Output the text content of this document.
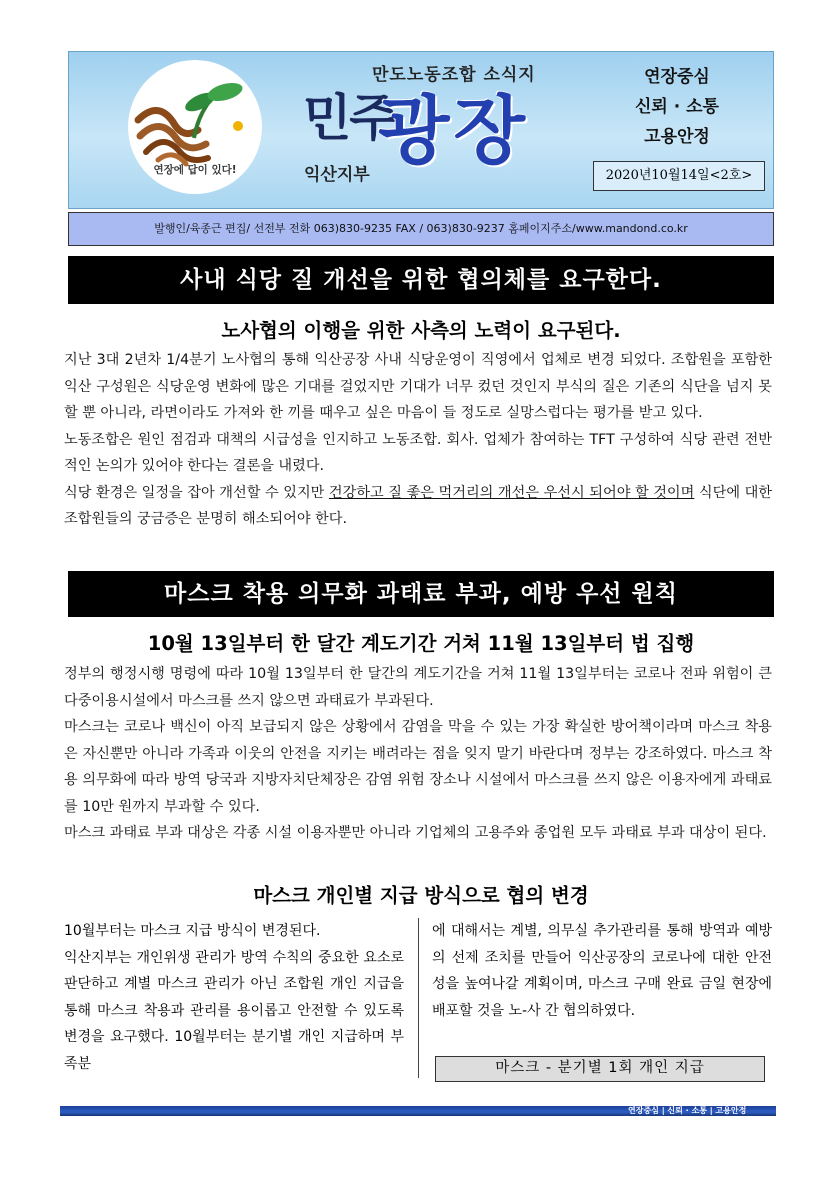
연장에 답이 있다!
만도노동조합 소식지
민주
광장
익산지부
연장중심
신뢰 · 소통
고용안정
2020년10월14일<2호>
발행인/육종근 편집/ 선전부 전화 063)830-9235 FAX / 063)830-9237 홈페이지주소/www.mandond.co.kr
사내 식당 질 개선을 위한 협의체를 요구한다.
노사협의 이행을 위한 사측의 노력이 요구된다.

지난 3대 2년차 1/4분기 노사협의 통해 익산공장 사내 식당운영이 직영에서 업체로 변경 되었다. 조합원을 포함한 익산 구성원은 식당운영 변화에 많은 기대를 걸었지만 기대가 너무 컸던 것인지 부식의 질은 기존의 식단을 넘지 못할 뿐 아니라, 라면이라도 가져와 한 끼를 때우고 싶은 마음이 들 정도로 실망스럽다는 평가를 받고 있다.

노동조합은 원인 점검과 대책의 시급성을 인지하고 노동조합. 회사. 업체가 참여하는 TFT 구성하여 식당 관련 전반적인 논의가 있어야 한다는 결론을 내렸다.

식당 환경은 일정을 잡아 개선할 수 있지만 건강하고 질 좋은 먹거리의 개선은 우선시 되어야 할 것이며 식단에 대한 조합원들의 궁금증은 분명히 해소되어야 한다.

마스크 착용 의무화 과태료 부과, 예방 우선 원칙
10월 13일부터 한 달간 계도기간 거쳐 11월 13일부터 법 집행

정부의 행정시행 명령에 따라 10월 13일부터 한 달간의 계도기간을 거쳐 11월 13일부터는 코로나 전파 위험이 큰 다중이용시설에서 마스크를 쓰지 않으면 과태료가 부과된다.

마스크는 코로나 백신이 아직 보급되지 않은 상황에서 감염을 막을 수 있는 가장 확실한 방어책이라며 마스크 착용은 자신뿐만 아니라 가족과 이웃의 안전을 지키는 배려라는 점을 잊지 말기 바란다며 정부는 강조하였다. 마스크 착용 의무화에 따라 방역 당국과 지방자치단체장은 감염 위험 장소나 시설에서 마스크를 쓰지 않은 이용자에게 과태료를 10만 원까지 부과할 수 있다.

마스크 과태료 부과 대상은 각종 시설 이용자뿐만 아니라 기업체의 고용주와 종업원 모두 과태료 부과 대상이 된다.

마스크 개인별 지급 방식으로 협의 변경
10월부터는 마스크 지급 방식이 변경된다.
익산지부는 개인위생 관리가 방역 수칙의 중요한 요소로 판단하고 계별 마스크 관리가 아닌 조합원 개인 지급을 통해 마스크 착용과 관리를 용이롭고 안전할 수 있도록 변경을 요구했다. 10월부터는 분기별 개인 지급하며 부족분
에 대해서는 계별, 의무실 추가관리를 통해 방역과 예방의 선제 조치를 만들어 익산공장의 코로나에 대한 안전성을 높여나갈 계획이며, 마스크 구매 완료 금일 현장에 배포할 것을 노-사 간 협의하였다.
마스크 - 분기별 1회 개인 지급
연장중심 | 신뢰 · 소통 | 고용안정
